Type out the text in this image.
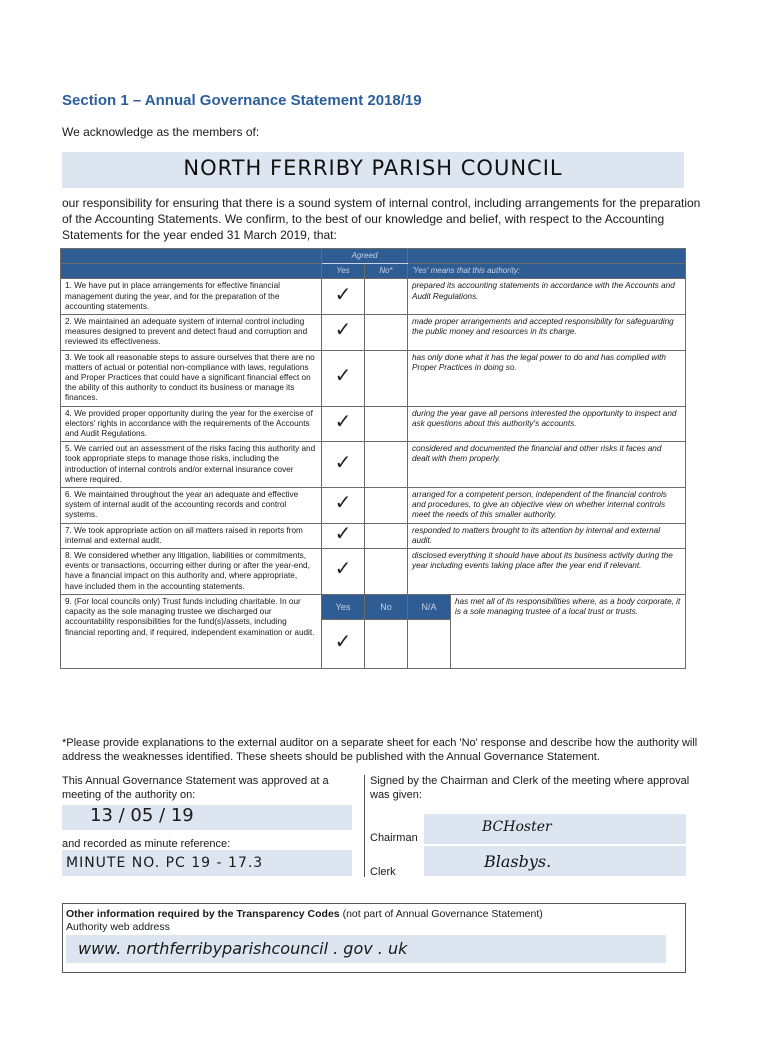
Section 1 – Annual Governance Statement 2018/19
We acknowledge as the members of:
NORTH FERRIBY PARISH COUNCIL
our responsibility for ensuring that there is a sound system of internal control, including arrangements for the preparation of the Accounting Statements. We confirm, to the best of our knowledge and belief, with respect to the Accounting Statements for the year ended 31 March 2019, that:
	Agreed			
	Yes	No*	'Yes' means that this authority:	
1. We have put in place arrangements for effective financial management during the year, and for the preparation of the accounting statements.	✓		prepared its accounting statements in accordance with the Accounts and Audit Regulations.	
2. We maintained an adequate system of internal control including measures designed to prevent and detect fraud and corruption and reviewed its effectiveness.	✓		made proper arrangements and accepted responsibility for safeguarding the public money and resources in its charge.	
3. We took all reasonable steps to assure ourselves that there are no matters of actual or potential non-compliance with laws, regulations and Proper Practices that could have a significant financial effect on the ability of this authority to conduct its business or manage its finances.	✓		has only done what it has the legal power to do and has complied with Proper Practices in doing so.	
4. We provided proper opportunity during the year for the exercise of electors' rights in accordance with the requirements of the Accounts and Audit Regulations.	✓		during the year gave all persons interested the opportunity to inspect and ask questions about this authority's accounts.	
5. We carried out an assessment of the risks facing this authority and took appropriate steps to manage those risks, including the introduction of internal controls and/or external insurance cover where required.	✓		considered and documented the financial and other risks it faces and dealt with them properly.	
6. We maintained throughout the year an adequate and effective system of internal audit of the accounting records and control systems.	✓		arranged for a competent person, independent of the financial controls and procedures, to give an objective view on whether internal controls meet the needs of this smaller authority.	
7. We took appropriate action on all matters raised in reports from internal and external audit.	✓		responded to matters brought to its attention by internal and external audit.	
8. We considered whether any litigation, liabilities or commitments, events or transactions, occurring either during or after the year-end, have a financial impact on this authority and, where appropriate, have included them in the accounting statements.	✓		disclosed everything it should have about its business activity during the year including events taking place after the year end if relevant.	
9. (For local councils only) Trust funds including charitable. In our capacity as the sole managing trustee we discharged our accountability responsibilities for the fund(s)/assets, including financial reporting and, if required, independent examination or audit.	Yes	No	N/A	has met all of its responsibilities where, as a body corporate, it is a sole managing trustee of a local trust or trusts.
	✓			
*Please provide explanations to the external auditor on a separate sheet for each 'No' response and describe how the authority will address the weaknesses identified. These sheets should be published with the Annual Governance Statement.
This Annual Governance Statement was approved at a meeting of the authority on:
Signed by the Chairman and Clerk of the meeting where approval was given:
13 / 05 / 19
and recorded as minute reference:
MINUTE NO. PC 19 - 17.3
BCHoster
Blasbys.
Chairman
Clerk
Other information required by the Transparency Codes (not part of Annual Governance Statement)
Authority web address
www. northferribyparishcouncil . gov . uk
